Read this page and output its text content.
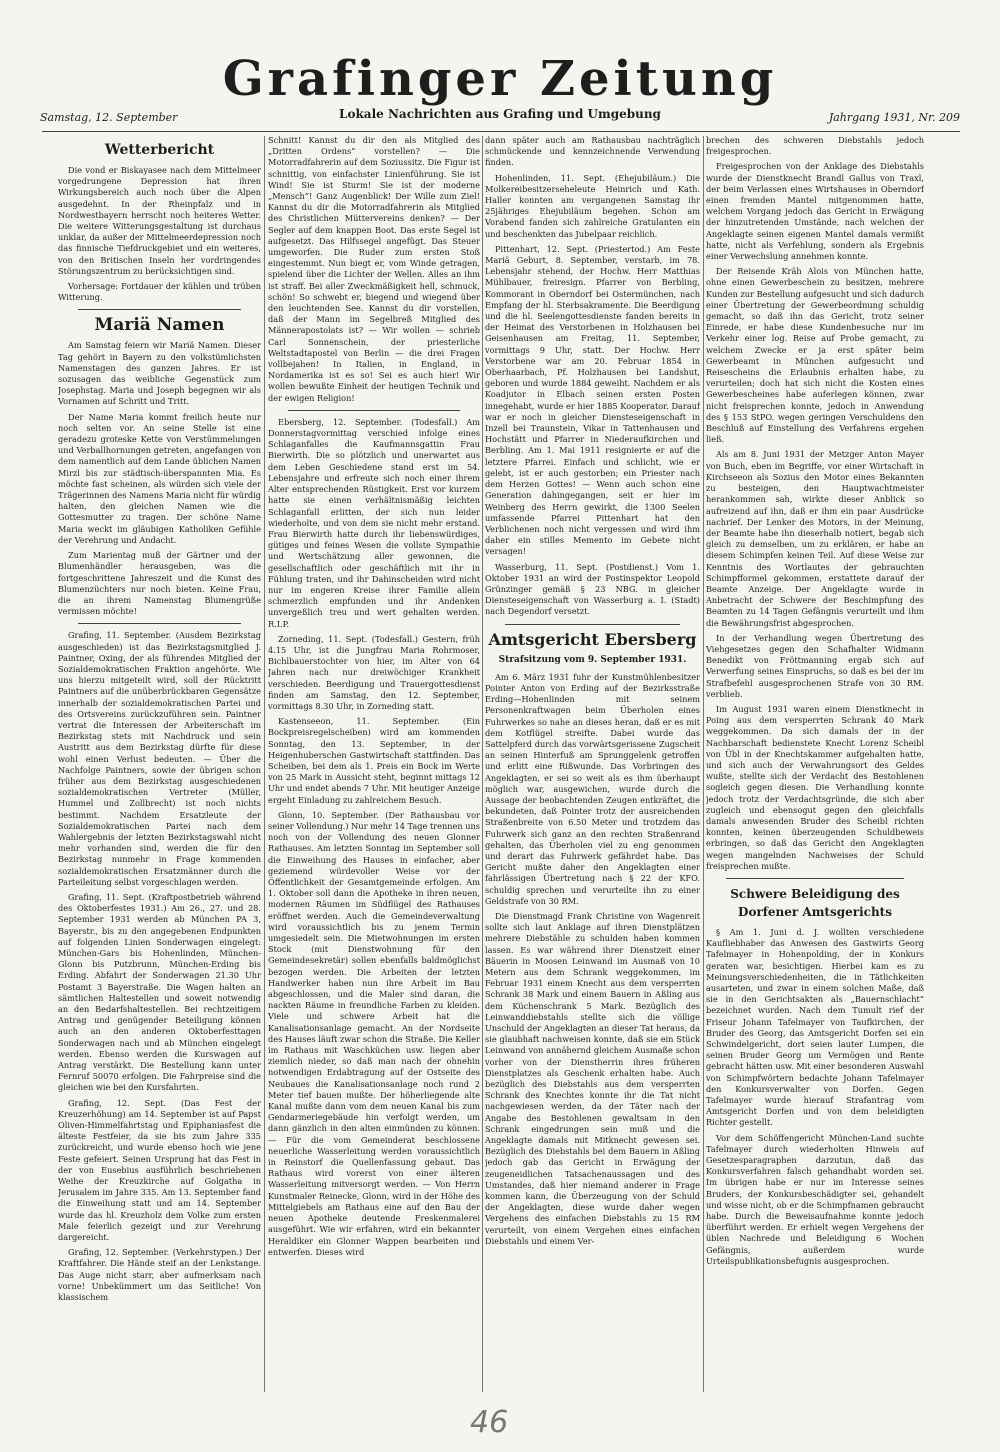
Grafinger Zeitung
Samstag, 12. September	Lokale Nachrichten aus Grafing und Umgebung	Jahrgang 1931, Nr. 209
Wetterbericht

Die vond er Biskayasee nach dem Mittelmeer vorgedrungene Depression hat ihren Wirkungsbereich auch noch über die Alpen ausgedehnt. In der Rheinpfalz und in Nordwestbayern herrscht noch heiteres Wetter. Die weitere Witterungsgestaltung ist durchaus unklar, da außer der Mittelmeerdepression noch das finnische Tiefdruckgebiet und ein weiteres, von den Britischen Inseln her vordringendes Störungszentrum zu berücksichtigen sind.

Vorhersage: Fortdauer der kühlen und trüben Witterung.

Mariä Namen

Am Samstag feiern wir Mariä Namen. Dieser Tag gehört in Bayern zu den volkstümlichsten Namenstagen des ganzen Jahres. Er ist sozusagen das weibliche Gegenstück zum Josephstag. Maria und Joseph begegnen wir als Vornamen auf Schritt und Tritt.

Der Name Maria kommt freilich heute nur noch selten vor. An seine Stelle ist eine geradezu groteske Kette von Verstümmelungen und Verballhornungen getreten, angefangen von dem namentlich auf dem Lande üblichen Namen Mirzl bis zur städtisch-überspannten Mia. Es möchte fast scheinen, als würden sich viele der Trägerinnen des Namens Maria nicht für würdig halten, den gleichen Namen wie die Gottesmutter zu tragen. Der schöne Name Maria weckt im gläubigen Katholiken Gefühle der Verehrung und Andacht.

Zum Marientag muß der Gärtner und der Blumenhändler herausgeben, was die fortgeschrittene Jahreszeit und die Kunst des Blumenzüchters nur noch bieten. Keine Frau, die an ihrem Namenstag Blumengrüße vermissen möchte!

Grafing, 11. September. (Ausdem Bezirkstag ausgeschieden) ist das Bezirkstagsmitglied J. Paintner, Oxing, der als führendes Mitglied der Sozialdemokratischen Fraktion angehörte. Wie uns hierzu mitgeteilt wird, soll der Rücktritt Paintners auf die unüberbrückbaren Gegensätze innerhalb der sozialdemokratischen Partei und des Ortsvereins zurückzuführen sein. Paintner vertrat die Interessen der Arbeiterschaft im Bezirkstag stets mit Nachdruck und sein Austritt aus dem Bezirkstag dürfte für diese wohl einen Verlust bedeuten. — Über die Nachfolge Paintners, sowie der übrigen schon früher aus dem Bezirkstag ausgeschiedenen sozialdemokratischen Vertreter (Müller, Hummel und Zollbrecht) ist noch nichts bestimmt. Nachdem Ersatzleute der Sozialdemokratischen Partei nach dem Wahlergebnis der letzten Bezirkstagswahl nicht mehr vorhanden sind, werden die für den Bezirkstag nunmehr in Frage kommenden sozialdemokratischen Ersatzmänner durch die Parteileitung selbst vorgeschlagen werden.

Grafing, 11. Sept. (Kraftpostbetrieb während des Oktoberfestes 1931.) Am 26., 27. und 28. September 1931 werden ab München PA 3, Bayerstr., bis zu den angegebenen Endpunkten auf folgenden Linien Sonderwagen eingelegt: München-Gars bis Hohenlinden, München-Glonn bis Putzbrunn, München-Erding bis Erding. Abfahrt der Sonderwagen 21.30 Uhr Postamt 3 Bayerstraße. Die Wagen halten an sämtlichen Haltestellen und soweit notwendig an den Bedarfshaltestellen. Bei rechtzeitigem Antrag und genügender Beteiligung können auch an den anderen Oktoberfesttagen Sonderwagen nach und ab München eingelegt werden. Ebenso werden die Kurswagen auf Antrag verstärkt. Die Bestellung kann unter Fernruf 50070 erfolgen. Die Fahrpreise sind die gleichen wie bei den Kursfahrten.

Grafing, 12. Sept. (Das Fest der Kreuzerhöhung) am 14. September ist auf Papst Oliven-Himmelfahrtstag und Epiphaniasfest die älteste Festfeier, da sie bis zum Jahre 335 zurückreicht, und wurde ebenso hoch wie jene Feste gefeiert. Seinen Ursprung hat das Fest in der von Eusebius ausführlich beschriebenen Weihe der Kreuzkirche auf Golgatha in Jerusalem im Jahre 335. Am 13. September fand die Einweihung statt und am 14. September wurde das hl. Kreuzholz dem Volke zum ersten Male feierlich gezeigt und zur Verehrung dargereicht.

Grafing, 12. September. (Verkehrstypen.) Der Kraftfahrer. Die Hände steif an der Lenkstange. Das Auge nicht starr, aber aufmerksam nach vorne! Unbekümmert um das Seitliche! Von klassischem

Schnitt! Kannst du dir den als Mitglied des „Dritten Ordens“ vorstellen? — Die Motorradfahrerin auf dem Soziussitz. Die Figur ist schnittig, von einfachster Linienführung. Sie ist Wind! Sie ist Sturm! Sie ist der moderne „Mensch“! Ganz Augenblick! Der Wille zum Ziel! Kannst du dir die Motorradfahrerin als Mitglied des Christlichen Müttervereins denken? — Der Segler auf dem knappen Boot. Das erste Segel ist aufgesetzt. Das Hilfssegel angefügt. Das Steuer umgeworfen. Die Ruder zum ersten Stoß eingestemmt. Nun biegt er, vom Winde getragen, spielend über die Lichter der Wellen. Alles an ihm ist straff. Bei aller Zweckmäßigkeit hell, schmuck, schön! So schwebt er, biegend und wiegend über den leuchtenden See. Kannst du dir vorstellen, daß der Mann im Segelbreß Mitglied des Männerapostolats ist? — Wir wollen — schrieb Carl Sonnenschein, der priesterliche Weltstadtapostel von Berlin — die drei Fragen vollbejahen! In Italien, in England, in Nordamerika ist es so! Sei es auch hier! Wir wollen bewußte Einheit der heutigen Technik und der ewigen Religion!

Ebersberg, 12. September. (Todesfall.) Am Donnerstagvormittag verschied infolge eines Schlaganfalles die Kaufmannsgattin Frau Bierwirth. Die so plötzlich und unerwartet aus dem Leben Geschiedene stand erst im 54. Lebensjahre und erfreute sich noch einer ihrem Alter entsprechenden Rüstigkeit. Erst vor kurzem hatte sie einen verhältnismäßig leichten Schlaganfall erlitten, der sich nun leider wiederholte, und von dem sie nicht mehr erstand. Frau Bierwirth hatte durch ihr liebenswürdiges, gütiges und feines Wesen die vollste Sympathie und Wertschätzung aller gewonnen, die gesellschaftlich oder geschäftlich mit ihr in Fühlung traten, und ihr Dahinscheiden wird nicht nur im engeren Kreise ihrer Familie allein schmerzlich empfunden und ihr Andenken unvergeßlich treu und wert gehalten werden. R.I.P.

Zorneding, 11. Sept. (Todesfall.) Gestern, früh 4.15 Uhr, ist die Jungfrau Maria Rohrmoser, Bichlbauerstochter von hier, im Alter von 64 Jahren nach nur dreiwöchiger Krankheit verschieden. Beerdigung und Trauergottesdienst finden am Samstag, den 12. September, vormittags 8.30 Uhr, in Zorneding statt.

Kastenseeon, 11. September. (Ein Bockpreisregelscheiben) wird am kommenden Sonntag, den 13. September, in der Heigenhuberschen Gastwirtschaft stattfinden. Das Scheiben, bei dem als 1. Preis ein Bock im Werte von 25 Mark in Aussicht steht, beginnt mittags 12 Uhr und endet abends 7 Uhr. Mit heutiger Anzeige ergeht Einladung zu zahlreichem Besuch.

Glonn, 10. September. (Der Rathausbau vor seiner Vollendung.) Nur mehr 14 Tage trennen uns noch von der Vollendung des neuen Glonner Rathauses. Am letzten Sonntag im September soll die Einweihung des Hauses in einfacher, aber geziemend würdevoller Weise vor der Öffentlichkeit der Gesamtgemeinde erfolgen. Am 1. Oktober soll dann die Apotheke in ihren neuen, modernen Räumen im Südflügel des Rathauses eröffnet werden. Auch die Gemeindeverwaltung wird voraussichtlich bis zu jenem Termin umgesiedelt sein. Die Mietwohnungen im ersten Stock (mit Dienstwohnung für den Gemeindesekretär) sollen ebenfalls baldmöglichst bezogen werden. Die Arbeiten der letzten Handwerker haben nun ihre Arbeit im Bau abgeschlossen, und die Maler sind daran, die nackten Räume in freundliche Farben zu kleiden. Viele und schwere Arbeit hat die Kanalisationsanlage gemacht. An der Nordseite des Hauses läuft zwar schon die Straße. Die Keller im Rathaus mit Waschküchen usw. liegen aber ziemlich nieder, so daß man nach der ohnehin notwendigen Erdabtragung auf der Ostseite des Neubaues die Kanalisationsanlage noch rund 2 Meter tief bauen mußte. Der höherliegende alte Kanal mußte dann vom dem neuen Kanal bis zum Gendarmeriegebäude hin verfolgt werden, um dann gänzlich in den alten einmünden zu können. — Für die vom Gemeinderat beschlossene neuerliche Wasserleitung werden voraussichtlich in Reinstorf die Quellenfassung gebaut. Das Rathaus wird vorerst von einer älteren Wasserleitung mitversorgt werden. — Von Herrn Kunstmaler Reinecke, Glonn, wird in der Höhe des Mittelgiebels am Rathaus eine auf den Bau der neuen Apotheke deutende Freskenmalerei ausgeführt. Wie wir erfahren, wird ein bekannter Heraldiker ein Glonner Wappen bearbeiten und entwerfen. Dieses wird

dann später auch am Rathausbau nachträglich schmückende und kennzeichnende Verwendung finden.

Hohenlinden, 11. Sept. (Ehejubiläum.) Die Molkereibesitzerseheleute Heinrich und Kath. Haller konnten am vergangenen Samstag ihr 25jähriges Ehejubiläum begehen. Schon am Vorabend fanden sich zahlreiche Gratulanten ein und beschenkten das Jubelpaar reichlich.

Pittenhart, 12. Sept. (Priestertod.) Am Feste Mariä Geburt, 8. September, verstarb, im 78. Lebensjahr stehend, der Hochw. Herr Matthias Mühlbauer, freiresign. Pfarrer von Berbling, Kommorant in Oberndorf bei Ostermünchen, nach Empfang der hl. Sterbsakramente. Die Beerdigung und die hl. Seelengottesdienste fanden bereits in der Heimat des Verstorbenen in Holzhausen bei Geisenhausen am Freitag, 11. September, vormittags 9 Uhr, statt. Der Hochw. Herr Verstorbene war am 20. Februar 1854 in Oberhaarbach, Pf. Holzhausen bei Landshut, geboren und wurde 1884 geweiht. Nachdem er als Koadjutor in Elbach seinen ersten Posten innegehabt, wurde er hier 1885 Kooperator. Darauf war er noch in gleicher Diensteseigenschaft in Inzell bei Traunstein, Vikar in Tattenhausen und Hochstätt und Pfarrer in Niederaufkirchen und Berbling. Am 1. Mai 1911 resignierte er auf die letztere Pfarrei. Einfach und schlicht, wie er gelebt, ist er auch gestorben; ein Priester nach dem Herzen Gottes! — Wenn auch schon eine Generation dahingegangen, seit er hier im Weinberg des Herrn gewirkt, die 1300 Seelen umfassende Pfarrei Pittenhart hat den Verblichenen noch nicht vergessen und wird ihm daher ein stilles Memento im Gebete nicht versagen!

Wasserburg, 11. Sept. (Postdienst.) Vom 1. Oktober 1931 an wird der Postinspektor Leopold Grünzinger gemäß § 23 NBG. in gleicher Diensteseigenschaft von Wasserburg a. I. (Stadt) nach Degendorf versetzt.

Amtsgericht Ebersberg
Strafsitzung vom 9. September 1931.

Am 6. März 1931 fuhr der Kunstmühlenbesitzer Pointer Anton von Erding auf der Bezirksstraße Erding—Hohenlinden mit seinem Personenkraftwagen beim Überholen eines Fuhrwerkes so nahe an dieses heran, daß er es mit dem Kotflügel streifte. Dabei wurde das Sattelpferd durch das vorwärtsgerissene Zugscheit an seinen Hinterfuß am Sprunggelenk getroffen und erlitt eine Rißwunde. Das Vorbringen des Angeklagten, er sei so weit als es ihm überhaupt möglich war, ausgewichen, wurde durch die Aussage der beobachtenden Zeugen entkräftet, die bekundeten, daß Pointer trotz der ausreichenden Straßenbreite von 6.50 Meter und trotzdem das Fuhrwerk sich ganz an den rechten Straßenrand gehalten, das Überholen viel zu eng genommen und derart das Fuhrwerk gefährdet habe. Das Gericht mußte daher den Angeklagten einer fahrlässigen Übertretung nach § 22 der KFO. schuldig sprechen und verurteilte ihn zu einer Geldstrafe von 30 RM.

Die Dienstmagd Frank Christine von Wagenreit sollte sich laut Anklage auf ihren Dienstplätzen mehrere Diebstähle zu schulden haben kommen lassen. Es war während ihrer Dienstzeit einer Bäuerin in Moosen Leinwand im Ausmaß von 10 Metern aus dem Schrank weggekommen, im Februar 1931 einem Knecht aus dem versperrten Schrank 38 Mark und einem Bauern in Aßling aus dem Küchenschrank 5 Mark. Bezüglich des Leinwanddiebstahls stellte sich die völlige Unschuld der Angeklagten an dieser Tat heraus, da sie glaubhaft nachweisen konnte, daß sie ein Stück Leinwand von annähernd gleichem Ausmaße schon vorher von der Dienstherrin ihres früheren Dienstplatzes als Geschenk erhalten habe. Auch bezüglich des Diebstahls aus dem versperrten Schrank des Knechtes konnte ihr die Tat nicht nachgewiesen werden, da der Täter nach der Angabe des Bestohlenen gewaltsam in den Schrank eingedrungen sein muß und die Angeklagte damals mit Mitknecht gewesen sei. Bezüglich des Diebstahls bei dem Bauern in Aßling jedoch gab das Gericht in Erwägung der zeugeneidlichen Tatsachenaussagen und des Umstandes, daß hier niemand anderer in Frage kommen kann, die Überzeugung von der Schuld der Angeklagten, diese wurde daher wegen Vergehens des einfachen Diebstahls zu 15 RM verurteilt, von einem Vergehen eines einfachen Diebstahls und einem Ver-

brechen des schweren Diebstahls jedoch freigesprochen.

Freigesprochen von der Anklage des Diebstahls wurde der Dienstknecht Brandl Gallus von Traxl, der beim Verlassen eines Wirtshauses in Oberndorf einen fremden Mantel mitgenommen hatte, welchem Vorgang jedoch das Gericht in Erwägung der hinzutretenden Umstände, nach welchen der Angeklagte seinen eigenen Mantel damals vermißt hatte, nicht als Verfehlung, sondern als Ergebnis einer Verwechslung annehmen konnte.

Der Reisende Kräh Alois von München hatte, ohne einen Gewerbeschein zu besitzen, mehrere Kunden zur Bestellung aufgesucht und sich dadurch einer Übertretung der Gewerbeordnung schuldig gemacht, so daß ihn das Gericht, trotz seiner Einrede, er habe diese Kundenbesuche nur im Verkehr einer log. Reise auf Probe gemacht, zu welchem Zwecke er ja erst später beim Gewerbeamt in München aufgesucht und Reisescheins die Erlaubnis erhalten habe, zu verurteilen; doch hat sich nicht die Kosten eines Gewerbescheines habe auferlegen können, zwar nicht freisprechen konnte, jedoch in Anwendung des § 153 StPO. wegen geringen Verschuldens den Beschluß auf Einstellung des Verfahrens ergehen ließ.

Als am 8. Juni 1931 der Metzger Anton Mayer von Buch, eben im Begriffe, vor einer Wirtschaft in Kirchseeon als Sozius den Motor eines Bekannten zu besteigen, den Hauptwachtmeister herankommen sah, wirkte dieser Anblick so aufreizend auf ihn, daß er ihm ein paar Ausdrücke nachrief. Der Lenker des Motors, in der Meinung, der Beamte habe ihn dieserhalb notiert, begab sich gleich zu demselben, um zu erklären, er habe an diesem Schimpfen keinen Teil. Auf diese Weise zur Kenntnis des Wortlautes der gebrauchten Schimpfformel gekommen, erstattete darauf der Beamte Anzeige. Der Angeklagte wurde in Anbetracht der Schwere der Beschimpfung des Beamten zu 14 Tagen Gefängnis verurteilt und ihm die Bewährungsfrist abgesprochen.

In der Verhandlung wegen Übertretung des Viehgesetzes gegen den Schafhalter Widmann Benedikt von Fröttmanning ergab sich auf Verwerfung seines Einspruchs, so daß es bei der im Strafbefehl ausgesprochenen Strafe von 30 RM. verblieb.

Im August 1931 waren einem Dienstknecht in Poing aus dem versperrten Schrank 40 Mark weggekommen. Da sich damals der in der Nachbarschaft bedienstete Knecht Lorenz Scheibl von Übl in der Knechtskammer aufgehalten hatte, und sich auch der Verwahrungsort des Geldes wußte, stellte sich der Verdacht des Bestohlenen sogleich gegen diesen. Die Verhandlung konnte jedoch trotz der Verdachtsgründe, die sich aber zugleich und ebensogut gegen den gleichfalls damals anwesenden Bruder des Scheibl richten konnten, keinen überzeugenden Schuldbeweis erbringen, so daß das Gericht den Angeklagten wegen mangelnden Nachweises der Schuld freisprechen mußte.

Schwere Beleidigung des Dorfener Amtsgerichts

§ Am 1. Juni d. J. wollten verschiedene Kaufliebhaber das Anwesen des Gastwirts Georg Tafelmayer in Hohenpolding, der in Konkurs geraten war, besichtigen. Hierbei kam es zu Meinungsverschiedenheiten, die in Tätlichkeiten ausarteten, und zwar in einem solchen Maße, daß sie in den Gerichtsakten als „Bauernschlacht“ bezeichnet wurden. Nach dem Tumult rief der Friseur Johann Tafelmayer von Taufkirchen, der Bruder des Georg, das Amtsgericht Dorfen sei ein Schwindelgericht, dort seien lauter Lumpen, die seinen Bruder Georg um Vermögen und Rente gebracht hätten usw. Mit einer besonderen Auswahl von Schimpfwörtern bedachte Johann Tafelmayer den Konkursverwalter von Dorfen. Gegen Tafelmayer wurde hierauf Strafantrag vom Amtsgericht Dorfen und von dem beleidigten Richter gestellt.

Vor dem Schöffengericht München-Land suchte Tafelmayer durch wiederholten Hinweis auf Gesetzesparagraphen darzutun, daß das Konkursverfahren falsch gehandhabt worden sei. Im übrigen habe er nur im Interesse seines Bruders, der Konkursbeschädigter sei, gehandelt und wisse nicht, ob er die Schimpfnamen gebraucht habe. Durch die Beweisaufnahme konnte jedoch überführt werden. Er erhielt wegen Vergehens der üblen Nachrede und Beleidigung 6 Wochen Gefängnis, außerdem wurde Urteilspublikationsbefugnis ausgesprochen.

46
